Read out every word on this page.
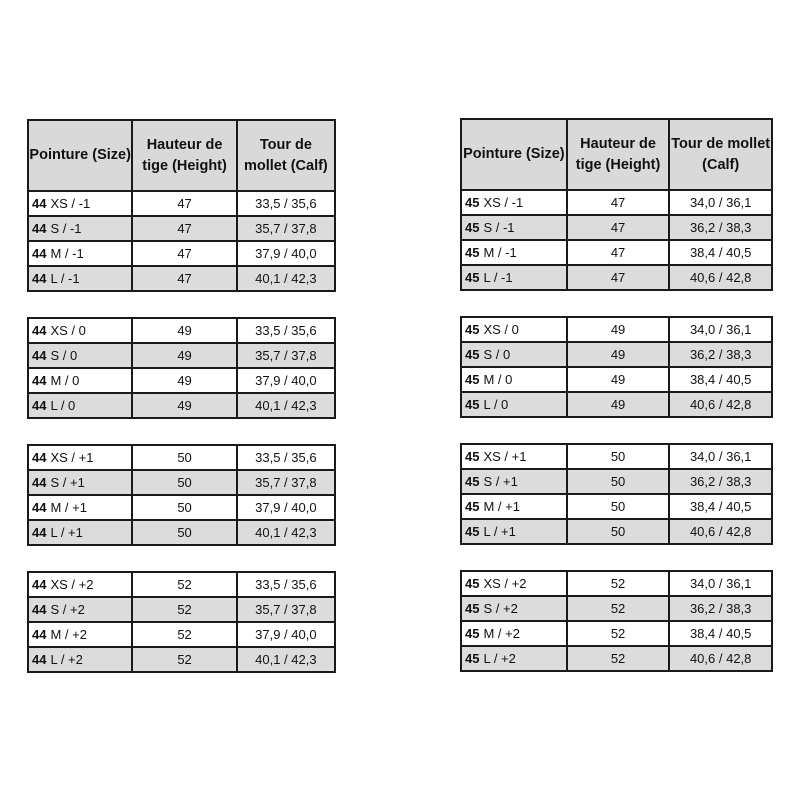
Pointure (Size)	Hauteur de tige (Height)	Tour de mollet (Calf)
44 XS / -1	47	33,5 / 35,6
44 S / -1	47	35,7 / 37,8
44 M / -1	47	37,9 / 40,0
44 L / -1	47	40,1 / 42,3
44 XS / 0	49	33,5 / 35,6
44 S / 0	49	35,7 / 37,8
44 M / 0	49	37,9 / 40,0
44 L / 0	49	40,1 / 42,3
44 XS / +1	50	33,5 / 35,6
44 S / +1	50	35,7 / 37,8
44 M / +1	50	37,9 / 40,0
44 L / +1	50	40,1 / 42,3
44 XS / +2	52	33,5 / 35,6
44 S / +2	52	35,7 / 37,8
44 M / +2	52	37,9 / 40,0
44 L / +2	52	40,1 / 42,3
Pointure (Size)	Hauteur de tige (Height)	Tour de mollet (Calf)
45 XS / -1	47	34,0 / 36,1
45 S / -1	47	36,2 / 38,3
45 M / -1	47	38,4 / 40,5
45 L / -1	47	40,6 / 42,8
45 XS / 0	49	34,0 / 36,1
45 S / 0	49	36,2 / 38,3
45 M / 0	49	38,4 / 40,5
45 L / 0	49	40,6 / 42,8
45 XS / +1	50	34,0 / 36,1
45 S / +1	50	36,2 / 38,3
45 M / +1	50	38,4 / 40,5
45 L / +1	50	40,6 / 42,8
45 XS / +2	52	34,0 / 36,1
45 S / +2	52	36,2 / 38,3
45 M / +2	52	38,4 / 40,5
45 L / +2	52	40,6 / 42,8
